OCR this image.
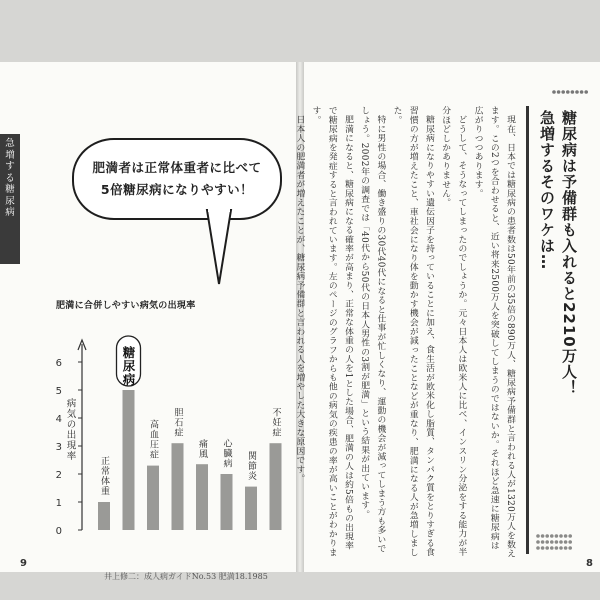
急増する糖尿病
肥満者は正常体重者に比べて
5倍糖尿病になりやすい！
肥満に合併しやすい病気の出現率
0
1
2
3
4
5
6
病気の出現率
正常体重
糖尿病
高血圧症 胆石症
痛風 心臓病 関節炎
不妊症
井上修二：成人病ガイドNo.53 肥満18.1985
9
糖尿病は予備群も入れると2210万人！
急増するそのワケは…

現在、日本では糖尿病の患者数は50年前の35倍の890万人、糖尿病予備群と言われる人が1320万人を数えます。この2つを合わせると、近い将来2500万人を突破してしまうのではないか。それほど急速に糖尿病は広がりつつあります。

どうして、そうなってしまったのでしょうか。元々日本人は欧米人に比べ、インスリン分泌をする能力が半分ほどしかありません。

糖尿病になりやすい遺伝因子を持っていることに加え、食生活が欧米化し脂質、タンパク質をとりすぎる食習慣の方が増えたこと、車社会になり体を動かす機会が減ったことなどが重なり、肥満になる人が急増しました。

特に男性の場合、働き盛りの30代40代になると仕事が忙しくなり、運動の機会が減ってしまう方も多いでしょう。2002年の調査では「40代から50代の日本人男性の3割が肥満」という結果が出ています。

肥満になると、糖尿病になる確率が高まり、正常な体重の人を1とした場合、肥満の人は約5倍もの出現率で糖尿病を発症すると言われています。左のページのグラフからも他の病気の疾患の率が高いことがわかります。

日本人の肥満者が増えたことが、糖尿病予備群と言われる人を増やした大きな原因です。

8
